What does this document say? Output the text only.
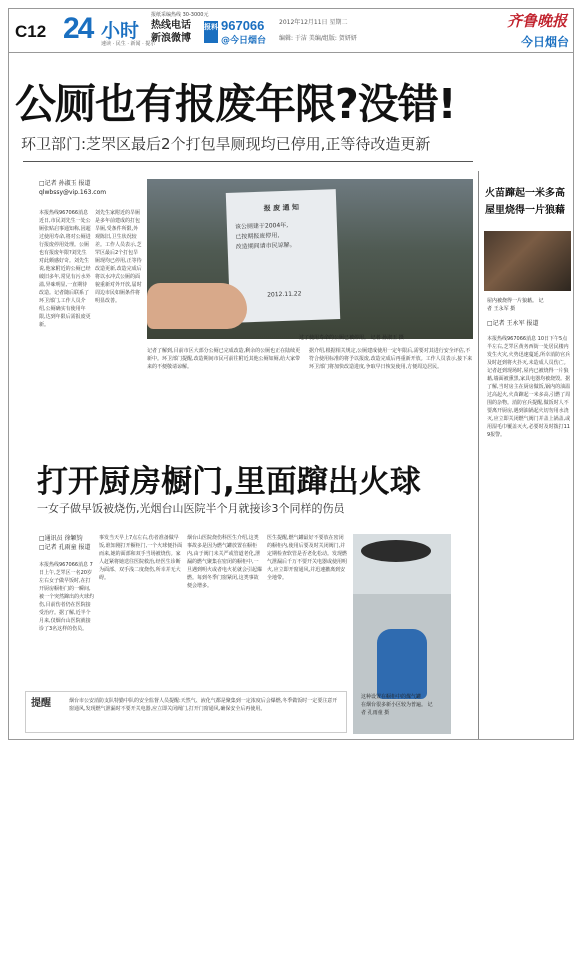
C12 24 小时
速读 · 民生 · 新闻 · 提示
报纸采编热线 30-3000元
热线电话
新浪微博
报料 967066
@今日烟台
2012年12月11日 星期二
编辑: 于洁 美编/组版: 贺妍妍
齐鲁晚报
今日烟台
公厕也有报废年限?没错!
环卫部门:芝罘区最后2个打包旱厕现均已停用,正等待改造更新
□记者 孙淑玉 报道
qlwbssy@vip.163.com
本报热线967066消息 近日,市民刘先生一处公厕张贴启事通知称,因超过使用寿命,将对公厕进行报废停用处理。公厕也有报废年限?刘先生对此颇感好奇。刘先生说,他家附近的公厕已经破旧多年,常见有污水外溢,异味明显,一直期待改造。记者随后联系了环卫部门,工作人员介绍,公厕确实有使用年限,达到年限后需报废更新。
刘先生家附近的旱厕是多年前建成的打包旱厕,受条件所限,外观陈旧,卫生状况较差。工作人员表示,芝罘区最后2个打包旱厕现均已停用,正等待改造更新,改造完成后将以水冲式公厕的面貌重新对外开放,届时周边市民如厕条件将明显改善。
记者了解到,目前市区大部分公厕已完成改造,剩余的公厕也正在陆续更新中。环卫部门提醒,改造期间市民可前往附近其他公厕如厕,给大家带来的不便敬请谅解。
据介绍,根据相关规定,公厕建成使用一定年限后,需要对其进行安全评估,不符合使用标准的将予以报废,改造完成后再重新开放。工作人员表示,接下来环卫部门将加快改造进度,争取早日恢复使用,方便周边居民。
报 废 通 知
该公厕建于2004年,
已按期报废停用,
改造期间请市民谅解。
2012.11.22
过了使用寿命的公厕已被停用。 记者 孙淑玉 摄
火苗蹿起一米多高
屋里烧得一片狼藉
屋内被烧得一片狼藉。 记
者 王永军 摄
□记者 王永军 报道
本报热线967066消息 10日下午5点半左右,芝罘区黄务西街一处居民楼内发生火灾,火势迅速蔓延,所幸消防官兵及时赶到将火扑灭,未造成人员伤亡。记者赶到现场时,屋内已被烧得一片狼藉,墙面被熏黑,家具电器均被烧毁。据了解,当时房主在厨房做饭,锅内的油温过高起火,火苗蹿起一米多高,引燃了周围的杂物。消防官兵提醒,做饭时人不要离开厨房,遇到油锅起火切勿用水浇灭,应立即关闭燃气阀门并盖上锅盖,或用湿毛巾覆盖灭火,必要时及时拨打119报警。
打开厨房橱门,里面蹿出火球
一女子做早饭被烧伤,光烟台山医院半个月就接诊3个同样的伤员
□通讯员 徐颖钧
□记者 孔雨童 报道
本报热线967066消息 7日上午,芝罘区一名20岁左右女子做早饭时,在打开厨房橱柜门的一瞬间,被一个突然蹿出的火球灼伤,目前伤者仍在医院接受治疗。据了解,近半个月来,仅烟台山医院就接诊了3名这样的伤员。
事发当天早上7点左右,伤者准备做早饭,谁知刚打开橱柜门,一个火球便扑面而来,她的面部和双手当场被烧伤。家人赶紧将她送往医院救治,经医生诊断为面部、双手浅二度烧伤,所幸并无大碍。
烟台山医院烧伤科医生介绍,这类事故多是因为燃气罐放置在橱柜内,由于阀门未关严或管道老化,泄漏的燃气聚集在密闭的橱柜中,一旦遇到明火或者电火花就会引起爆燃。每到冬季门窗紧闭,这类事故便会增多。
医生提醒,燃气罐最好不要放在密闭的橱柜内,使用后要及时关闭阀门,并定期检查软管是否老化松动。发现燃气泄漏后千万不要开关电器或使用明火,应立即开窗通风,并迅速撤离到安全地带。
这种设置在橱柜中的煤气罐
在烟台很多新小区较为普遍。 记
者 孔雨童 摄
提醒	烟台市公安消防支队特勤中队的安全监督人员提醒:天然气、液化气都是聚集到一定浓度后会爆燃,冬季做饭时一定要注意开窗通风,发现燃气泄漏时不要开关电器,应立即关闭阀门,打开门窗通风,确保安全后再使用。
